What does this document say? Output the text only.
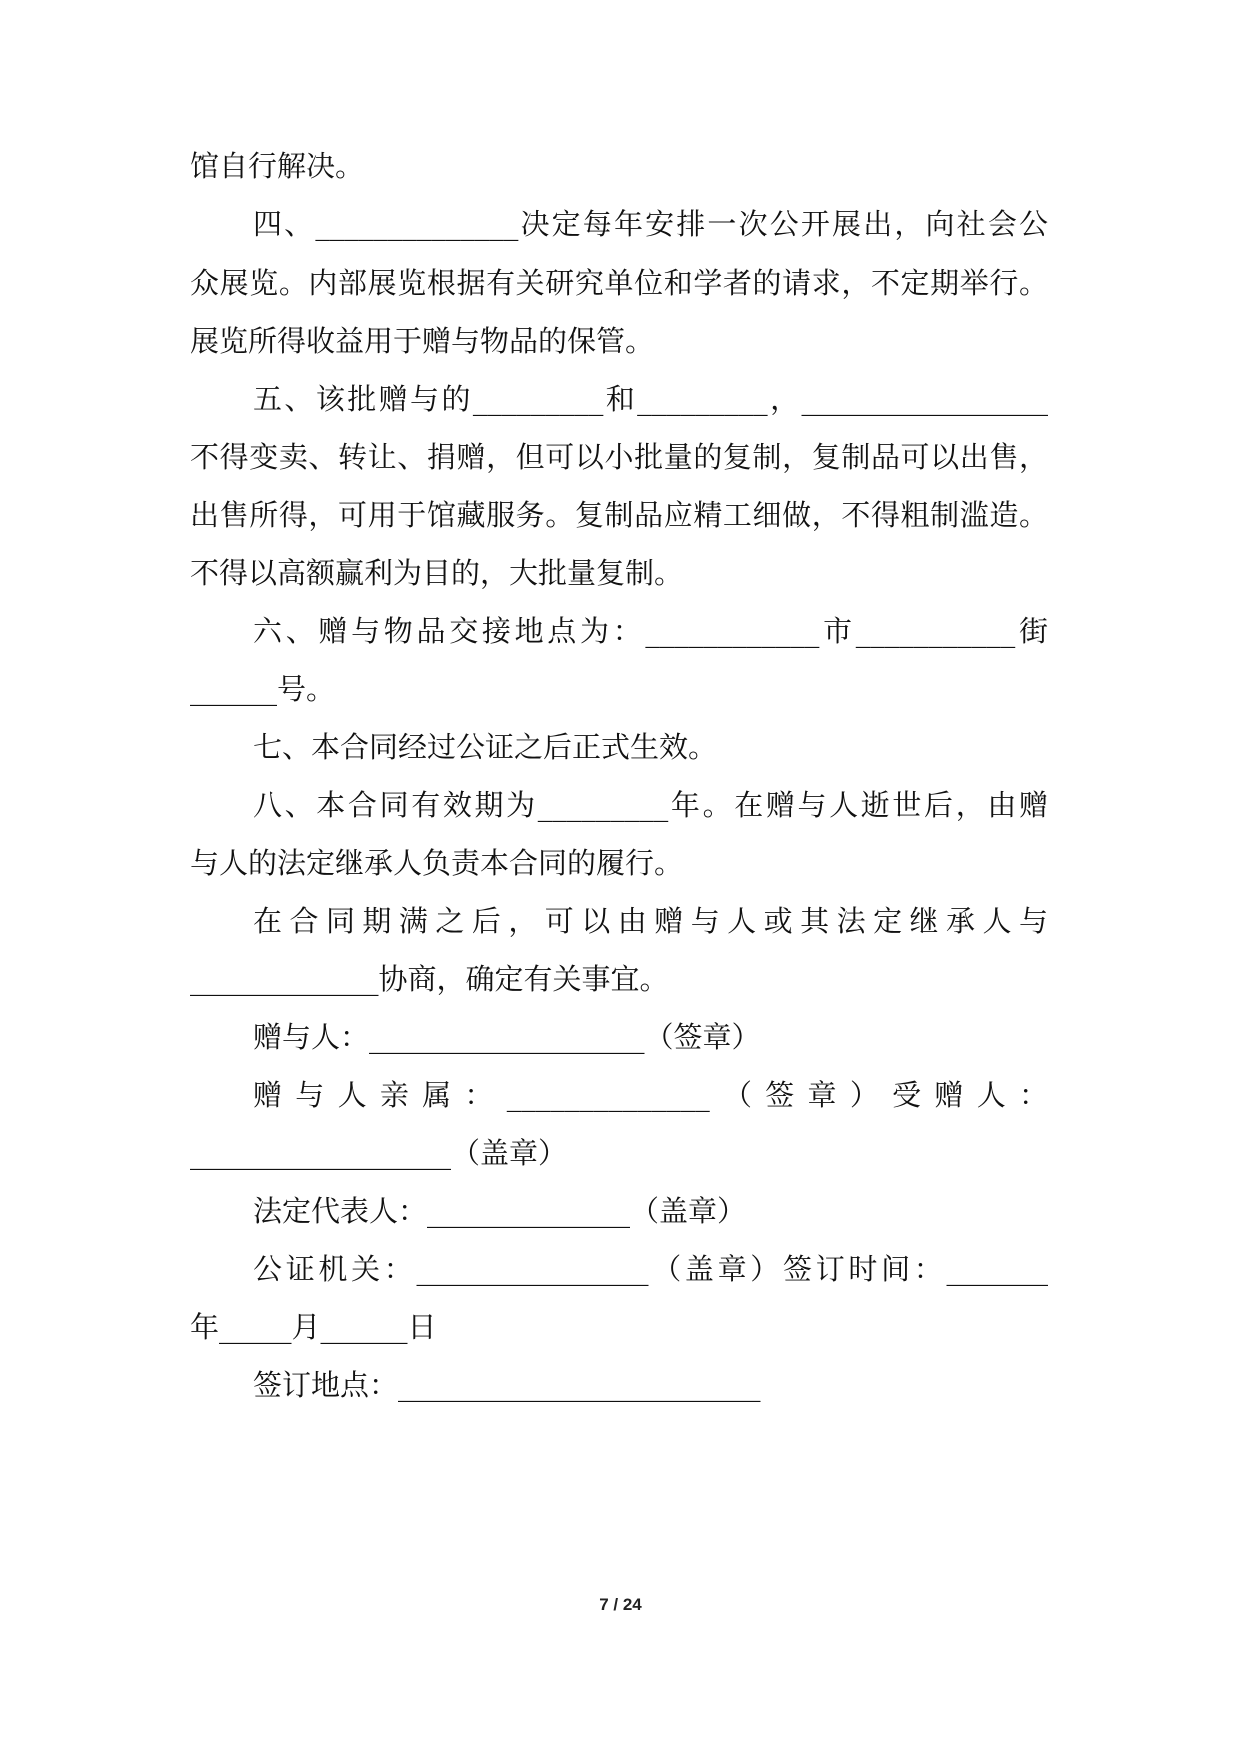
馆自行解决。
四、______________决定每年安排一次公开展出，向社会公
众展览。内部展览根据有关研究单位和学者的请求，不定期举行。
展览所得收益用于赠与物品的保管。
五、该批赠与的_________和_________，_________________
不得变卖、转让、捐赠，但可以小批量的复制，复制品可以出售，
出售所得，可用于馆藏服务。复制品应精工细做，不得粗制滥造。
不得以高额赢利为目的，大批量复制。
六、赠与物品交接地点为：____________市___________街
______号。
七、本合同经过公证之后正式生效。
八、本合同有效期为_________年。在赠与人逝世后，由赠
与人的法定继承人负责本合同的履行。
在合同期满之后，可以由赠与人或其法定继承人与
_____________协商，确定有关事宜。
赠与人：___________________（签章）
赠与人亲属：______________（签章）受赠人：
__________________（盖章）
法定代表人：______________（盖章）
公证机关：________________（盖章）签订时间：_______
年_____月______日
签订地点：_________________________
7 / 24
